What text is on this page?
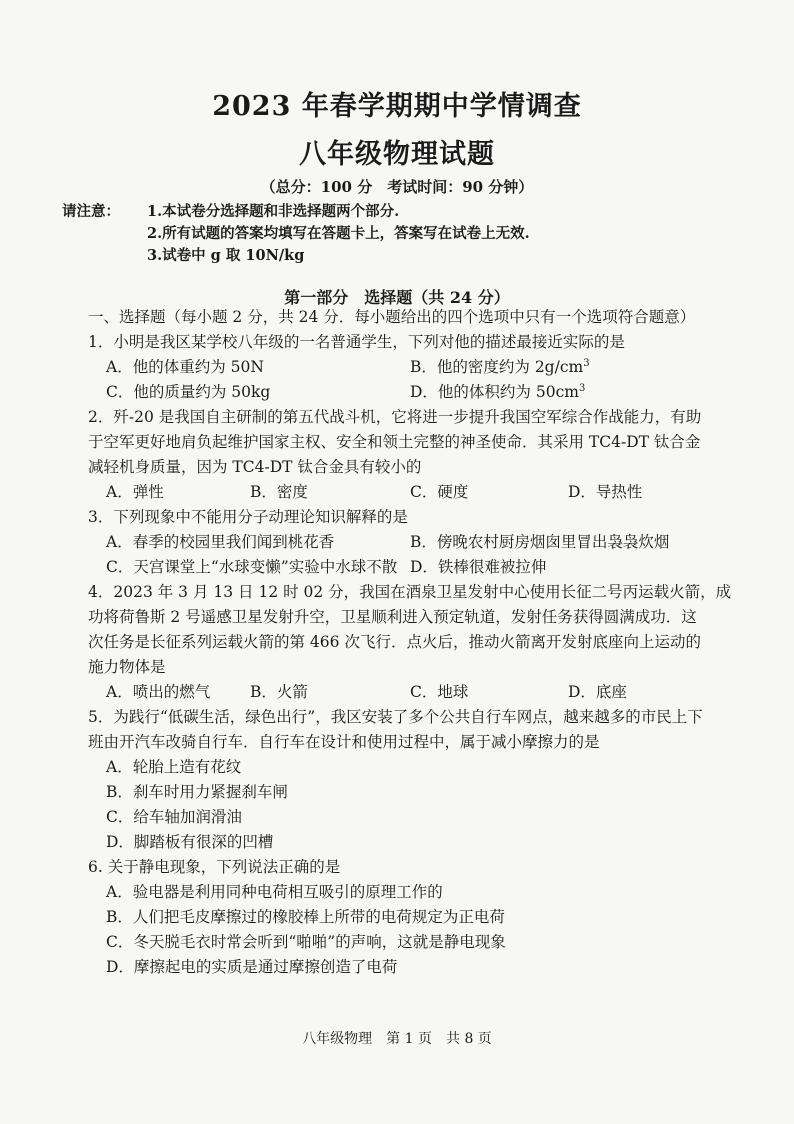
2023 年春学期期中学情调查
八年级物理试题
（总分：100 分　考试时间：90 分钟）
请注意： 1.本试卷分选择题和非选择题两个部分.
2.所有试题的答案均填写在答题卡上，答案写在试卷上无效.
3.试卷中 g 取 10N/kg
第一部分　选择题（共 24 分）
一、选择题（每小题 2 分，共 24 分．每小题给出的四个选项中只有一个选项符合题意）
1．小明是我区某学校八年级的一名普通学生，下列对他的描述最接近实际的是
A．他的体重约为 50N	B．他的密度约为 $2g/cm^3$
C．他的质量约为 50kg	D．他的体积约为 $50cm^3$
2．歼-20 是我国自主研制的第五代战斗机，它将进一步提升我国空军综合作战能力，有助
于空军更好地肩负起维护国家主权、安全和领土完整的神圣使命．其采用 TC4-DT 钛合金
减轻机身质量，因为 TC4-DT 钛合金具有较小的
A．弹性	B．密度	C．硬度	D．导热性
3．下列现象中不能用分子动理论知识解释的是
A．春季的校园里我们闻到桃花香	B．傍晚农村厨房烟囱里冒出袅袅炊烟
C．天宫课堂上“水球变懒”实验中水球不散 D．铁棒很难被拉伸
4．2023 年 3 月 13 日 12 时 02 分，我国在酒泉卫星发射中心使用长征二号丙运载火箭，成
功将荷鲁斯 2 号遥感卫星发射升空，卫星顺利进入预定轨道，发射任务获得圆满成功．这
次任务是长征系列运载火箭的第 466 次飞行．点火后，推动火箭离开发射底座向上运动的
施力物体是
A．喷出的燃气	B．火箭	C．地球	D．底座
5．为践行“低碳生活，绿色出行”，我区安装了多个公共自行车网点，越来越多的市民上下
班由开汽车改骑自行车．自行车在设计和使用过程中，属于减小摩擦力的是
A．轮胎上造有花纹
B．刹车时用力紧握刹车闸
C．给车轴加润滑油
D．脚踏板有很深的凹槽
6. 关于静电现象，下列说法正确的是
A．验电器是利用同种电荷相互吸引的原理工作的
B．人们把毛皮摩擦过的橡胶棒上所带的电荷规定为正电荷
C．冬天脱毛衣时常会听到“啪啪”的声响，这就是静电现象
D．摩擦起电的实质是通过摩擦创造了电荷
八年级物理　第 1 页　共 8 页
